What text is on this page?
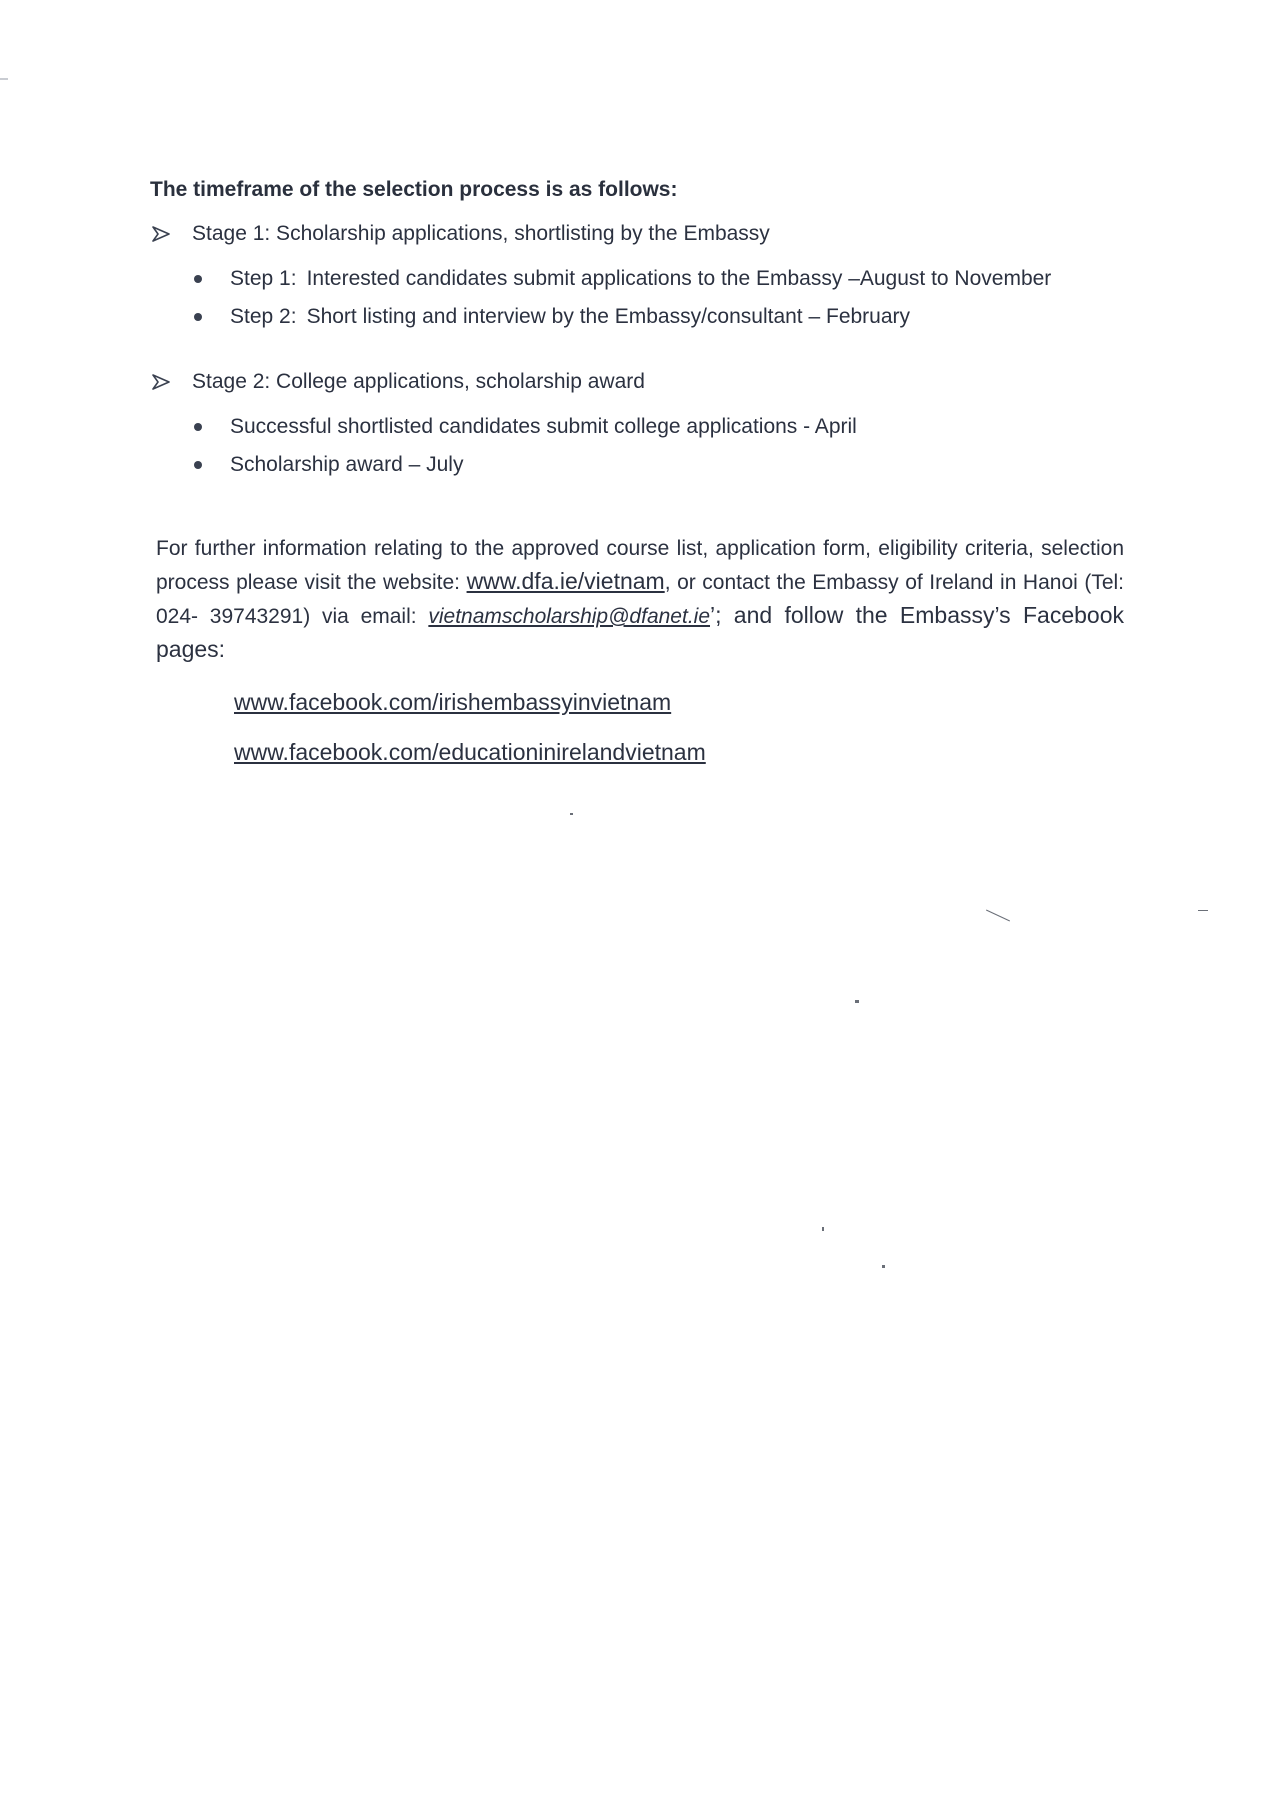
The timeframe of the selection process is as follows:
Stage 1: Scholarship applications, shortlisting by the Embassy
Step 1: Interested candidates submit applications to the Embassy –August to November
Step 2: Short listing and interview by the Embassy/consultant – February
Stage 2: College applications, scholarship award
Successful shortlisted candidates submit college applications - April
Scholarship award – July
For further information relating to the approved course list, application form, eligibility criteria, selection process please visit the website: www.dfa.ie/vietnam, or contact the Embassy of Ireland in Hanoi (Tel: 024- 39743291) via email: vietnamscholarship@dfanet.ie’; and follow the Embassy’s Facebook pages:
www.facebook.com/irishembassyinvietnam
www.facebook.com/educationinirelandvietnam
